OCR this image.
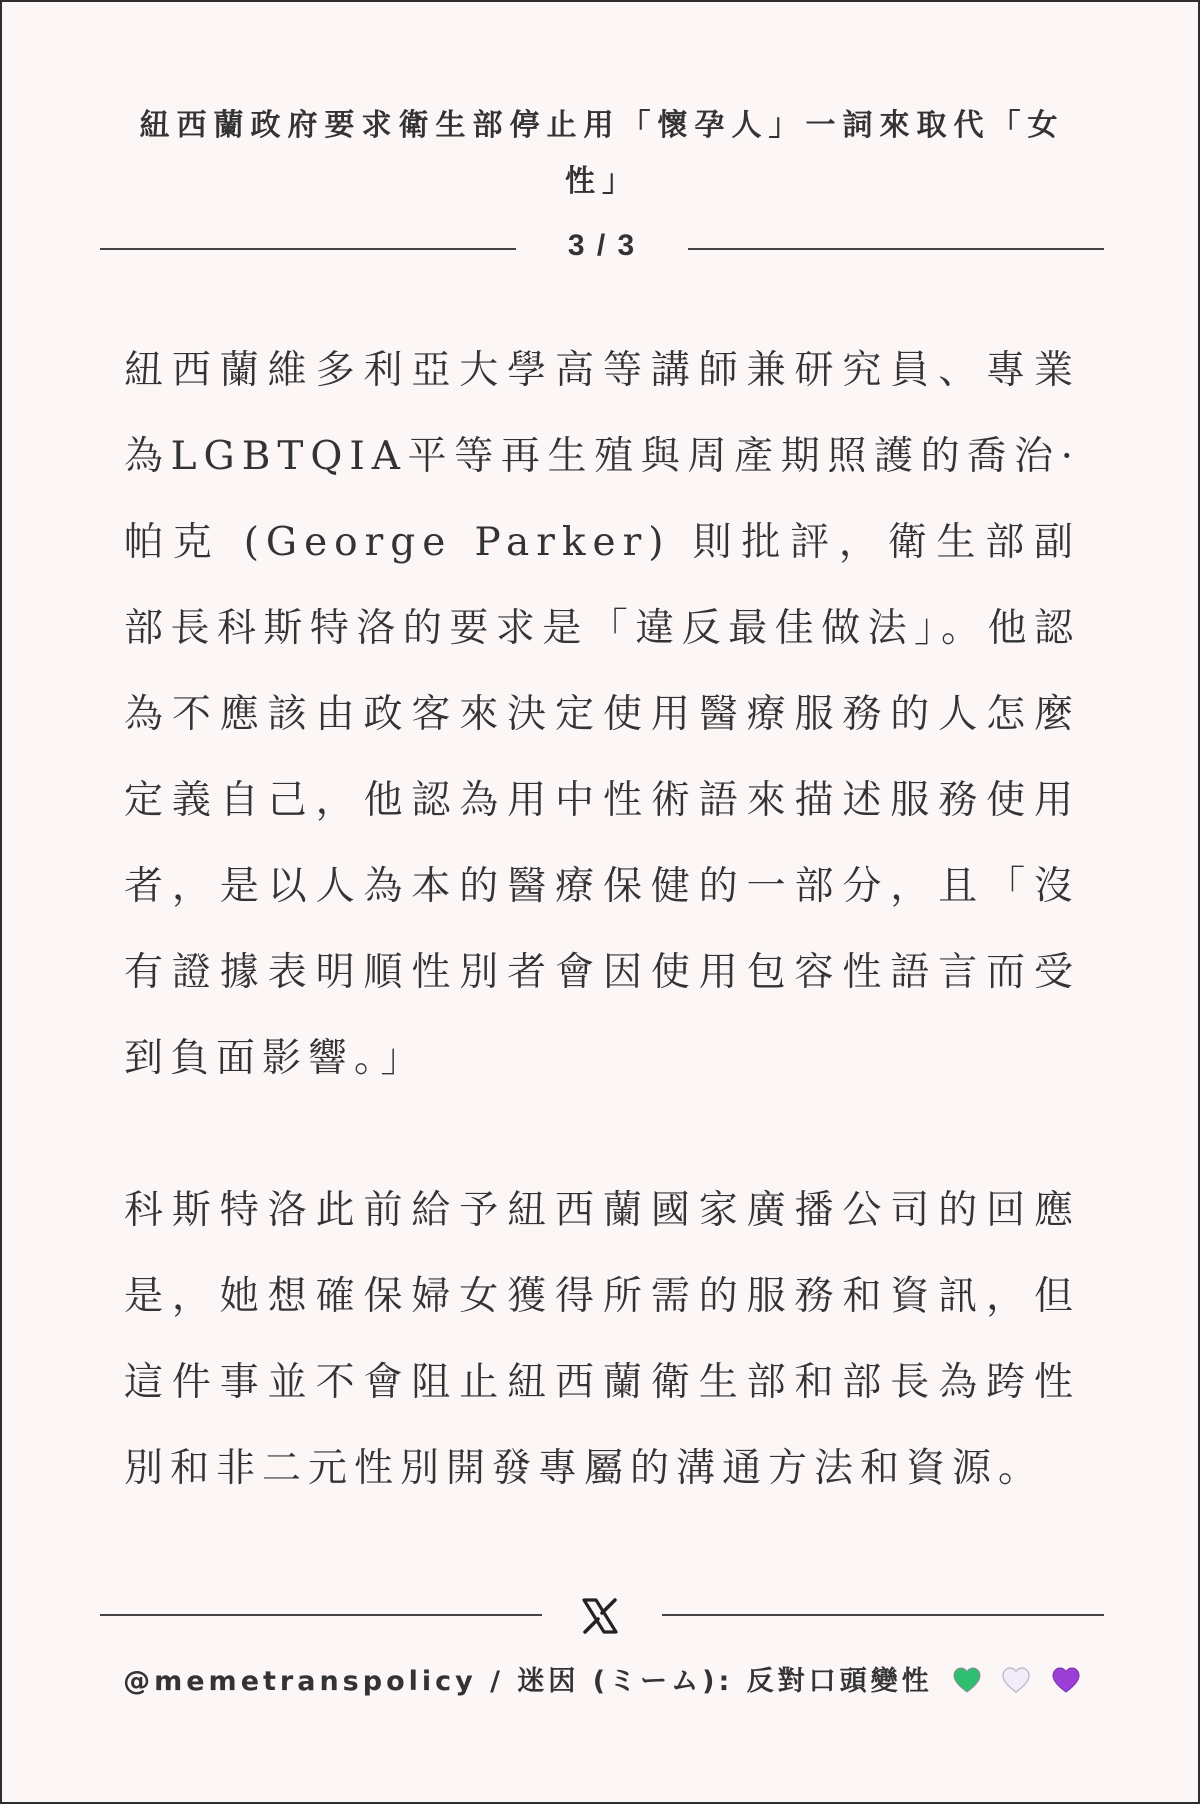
紐西蘭政府要求衛生部停止用「懷孕人」一詞來取代「女性」
3 / 3

紐西蘭維多利亞大學高等講師兼研究員、專業為LGBTQIA平等再生殖與周產期照護的喬治·帕克 (George Parker) 則批評，衛生部副部長科斯特洛的要求是「違反最佳做法」。他認為不應該由政客來決定使用醫療服務的人怎麼定義自己，他認為用中性術語來描述服務使用者，是以人為本的醫療保健的一部分，且「沒有證據表明順性別者會因使用包容性語言而受到負面影響。」

科斯特洛此前給予紐西蘭國家廣播公司的回應是，她想確保婦女獲得所需的服務和資訊，但這件事並不會阻止紐西蘭衛生部和部長為跨性別和非二元性別開發專屬的溝通方法和資源。

@memetranspolicy / 迷因 (ミーム): 反對口頭變性
